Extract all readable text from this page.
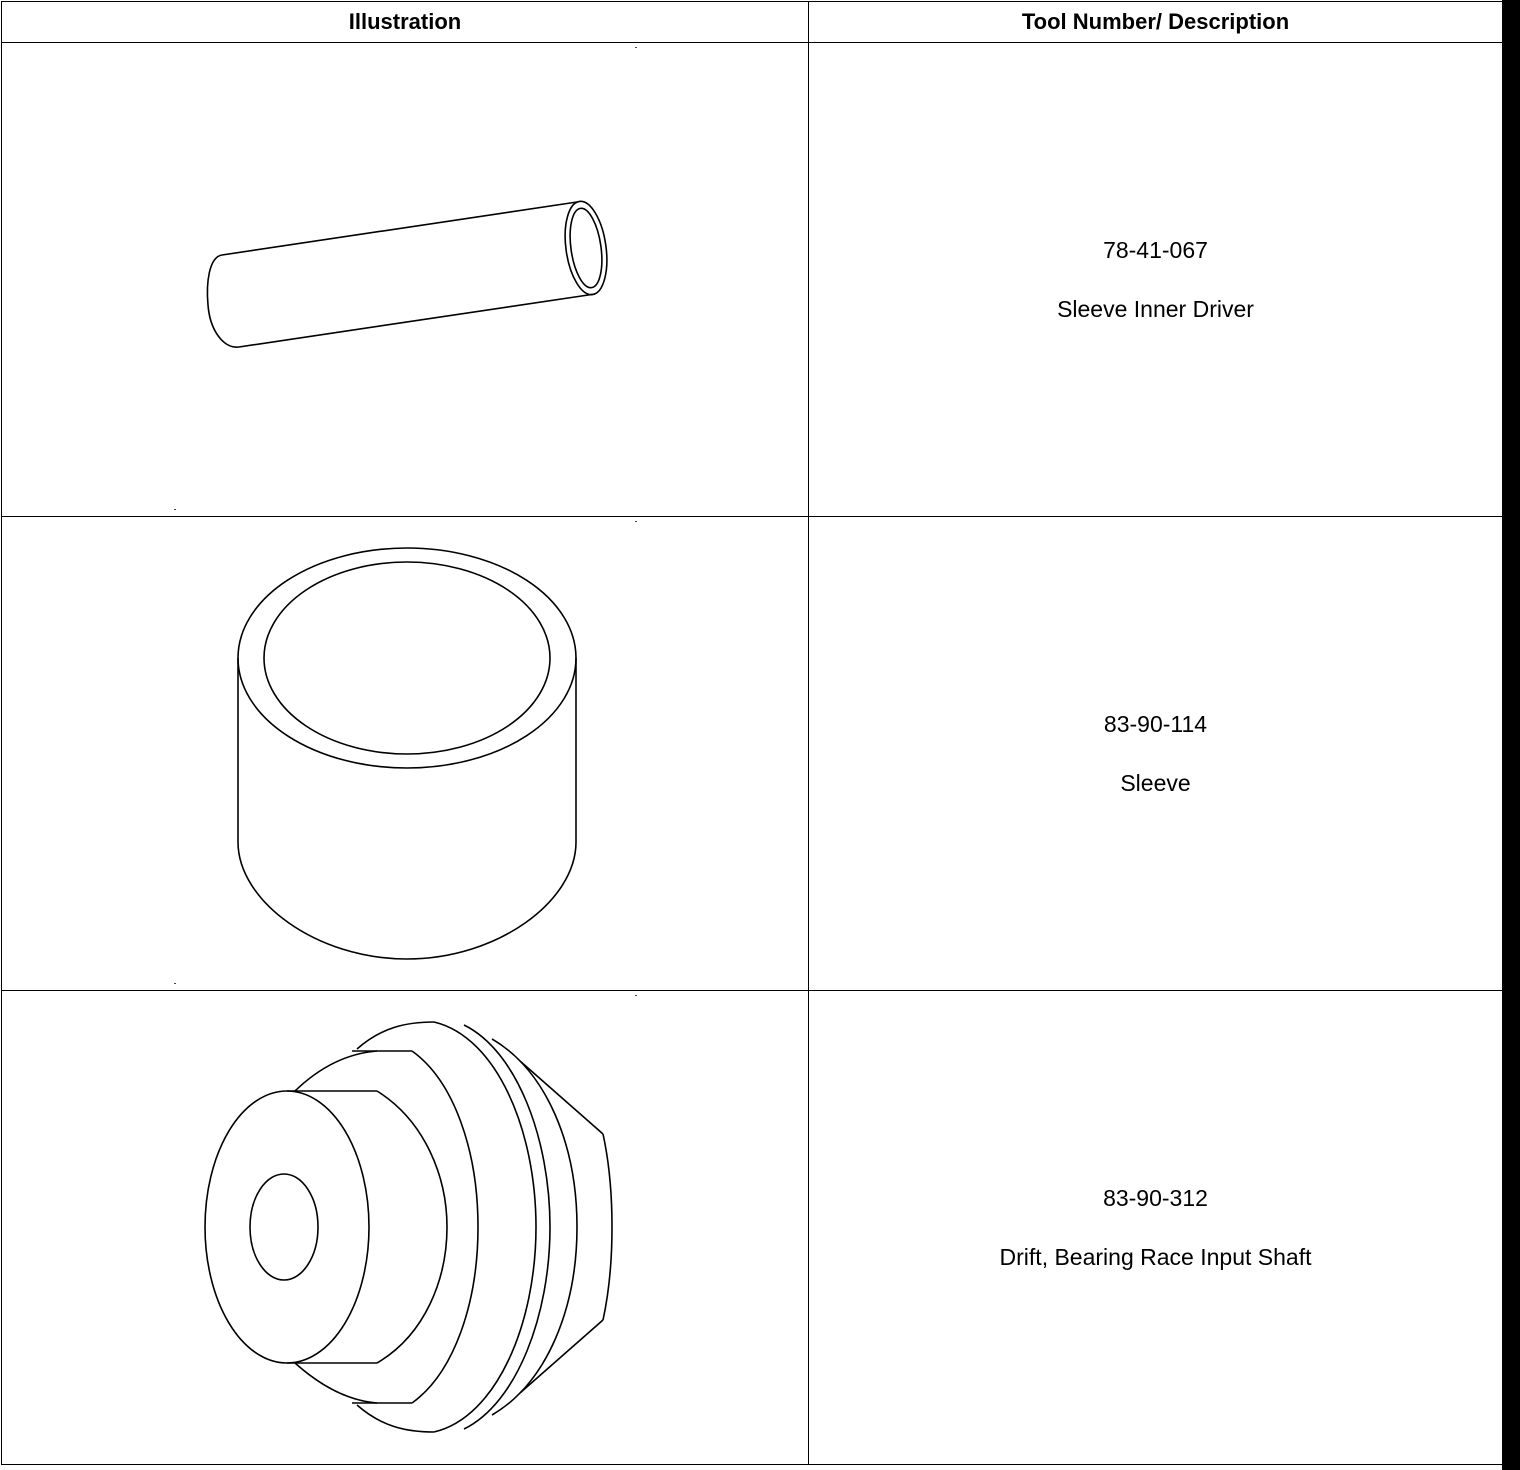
Illustration	Tool Number/ Description

78-41-067
Sleeve Inner Driver

83-90-114
Sleeve

83-90-312
Drift, Bearing Race Input Shaft
